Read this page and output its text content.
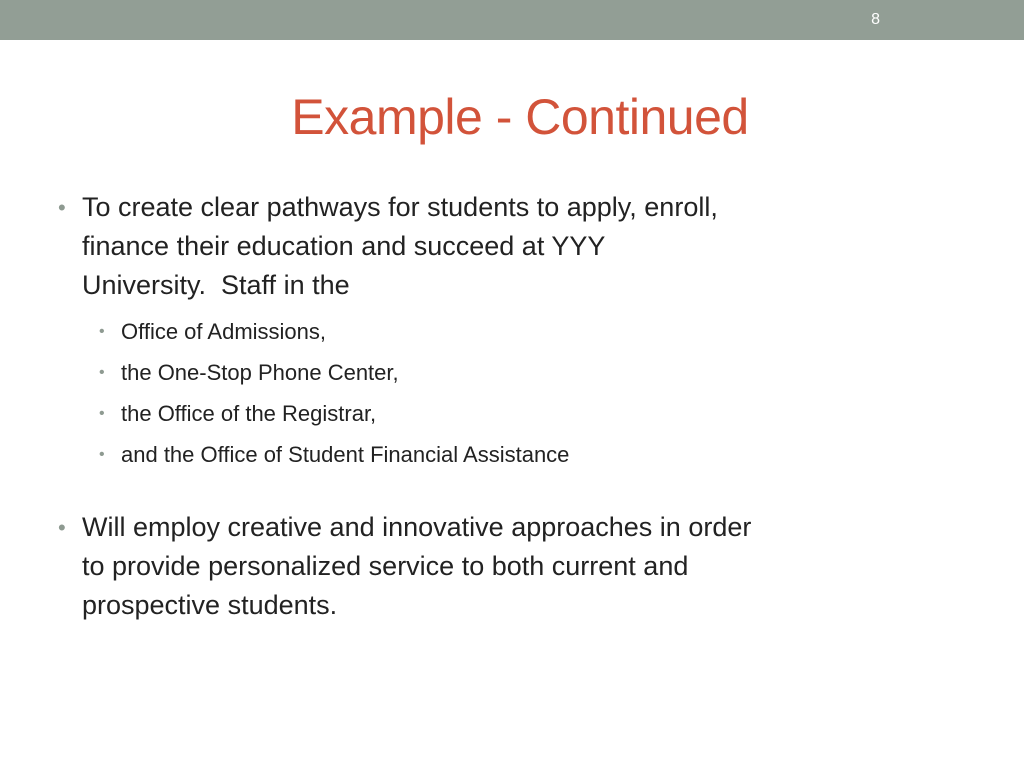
8
Example - Continued
• To create clear pathways for students to apply, enroll,
finance their education and succeed at YYY
University.  Staff in the
• Office of Admissions,
• the One-Stop Phone Center,
• the Office of the Registrar,
• and the Office of Student Financial Assistance
• Will employ creative and innovative approaches in order
to provide personalized service to both current and
prospective students.
